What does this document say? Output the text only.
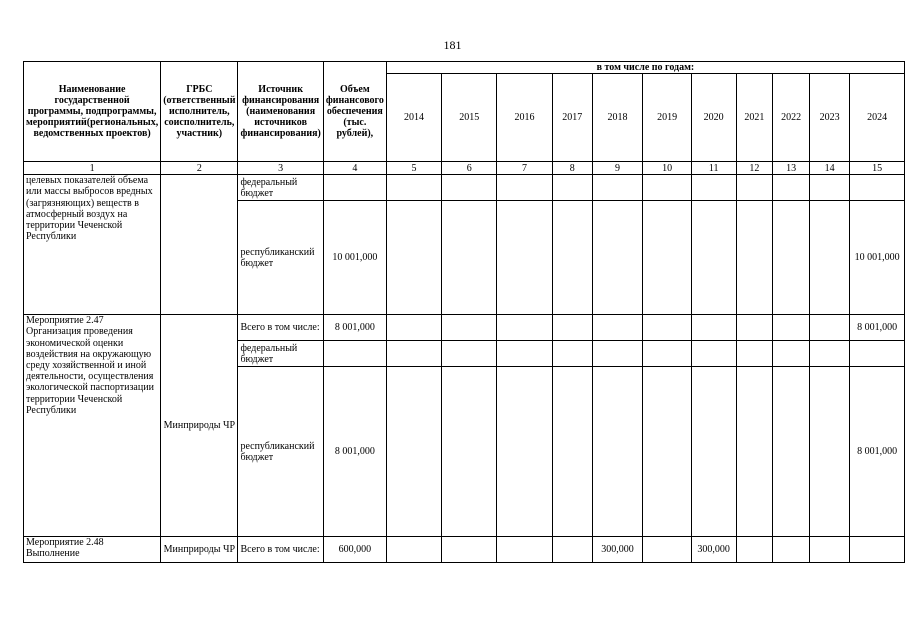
181
Наименование государственной программы, подпрограммы, мероприятий(региональных, ведомственных проектов)	ГРБС (ответственный исполнитель, соисполнитель, участник)	Источник финансирования (наименования источников финансирования)	Объем финансового обеспечения (тыс. рублей),	в том числе по годам:										
				2014	2015	2016	2017	2018	2019	2020	2021	2022	2023	2024
1	2	3	4	5	6	7	8	9	10	11	12	13	14	15
целевых показателей объема или массы выбросов вредных (загрязняющих) веществ в атмосферный воздух на территории Чеченской Республики		федеральный бюджет												
		республиканский бюджет	10 001,000											10 001,000
Мероприятие 2.47 Организация проведения экономической оценки воздействия на окружающую среду хозяйственной и иной деятельности, осуществления экологической паспортизации территории Чеченской Республики	Минприроды ЧР	Всего в том числе:	8 001,000											8 001,000
		федеральный бюджет												
		республиканский бюджет	8 001,000											8 001,000
Мероприятие 2.48 Выполнение	Минприроды ЧР	Всего в том числе:	600,000					300,000		300,000				
